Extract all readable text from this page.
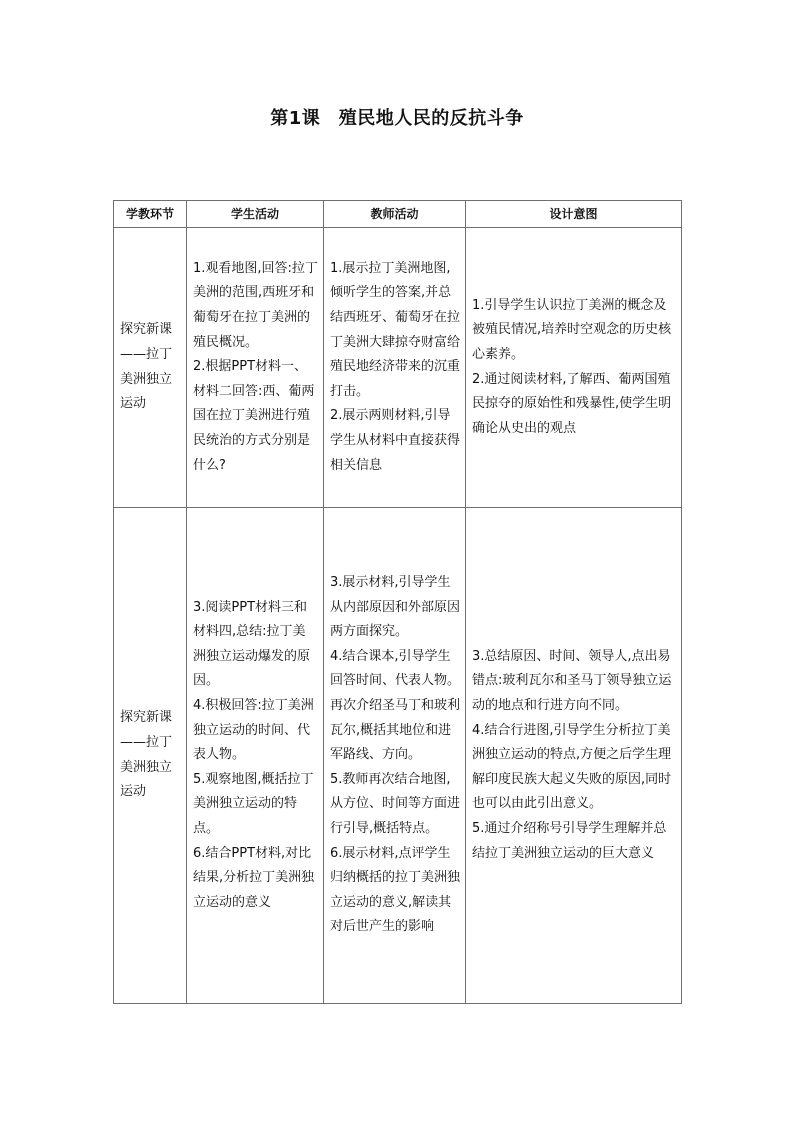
第1课　殖民地人民的反抗斗争
学教环节	学生活动	教师活动	设计意图
探究新课——拉丁美洲独立运动	1.观看地图,回答:拉丁美洲的范围,西班牙和葡萄牙在拉丁美洲的殖民概况。
2.根据PPT材料一、材料二回答:西、葡两国在拉丁美洲进行殖民统治的方式分别是什么?	1.展示拉丁美洲地图,倾听学生的答案,并总结西班牙、葡萄牙在拉丁美洲大肆掠夺财富给殖民地经济带来的沉重打击。
2.展示两则材料,引导学生从材料中直接获得相关信息	1.引导学生认识拉丁美洲的概念及被殖民情况,培养时空观念的历史核心素养。
2.通过阅读材料,了解西、葡两国殖民掠夺的原始性和残暴性,使学生明确论从史出的观点

探究新课——拉丁美洲独立运动	3.阅读PPT材料三和材料四,总结:拉丁美洲独立运动爆发的原因。
4.积极回答:拉丁美洲独立运动的时间、代表人物。
5.观察地图,概括拉丁美洲独立运动的特点。
6.结合PPT材料,对比结果,分析拉丁美洲独立运动的意义	3.展示材料,引导学生从内部原因和外部原因两方面探究。
4.结合课本,引导学生回答时间、代表人物。再次介绍圣马丁和玻利瓦尔,概括其地位和进军路线、方向。
5.教师再次结合地图,从方位、时间等方面进行引导,概括特点。
6.展示材料,点评学生归纳概括的拉丁美洲独立运动的意义,解读其对后世产生的影响	3.总结原因、时间、领导人,点出易错点:玻利瓦尔和圣马丁领导独立运动的地点和行进方向不同。
4.结合行进图,引导学生分析拉丁美洲独立运动的特点,方便之后学生理解印度民族大起义失败的原因,同时也可以由此引出意义。
5.通过介绍称号引导学生理解并总结拉丁美洲独立运动的巨大意义
